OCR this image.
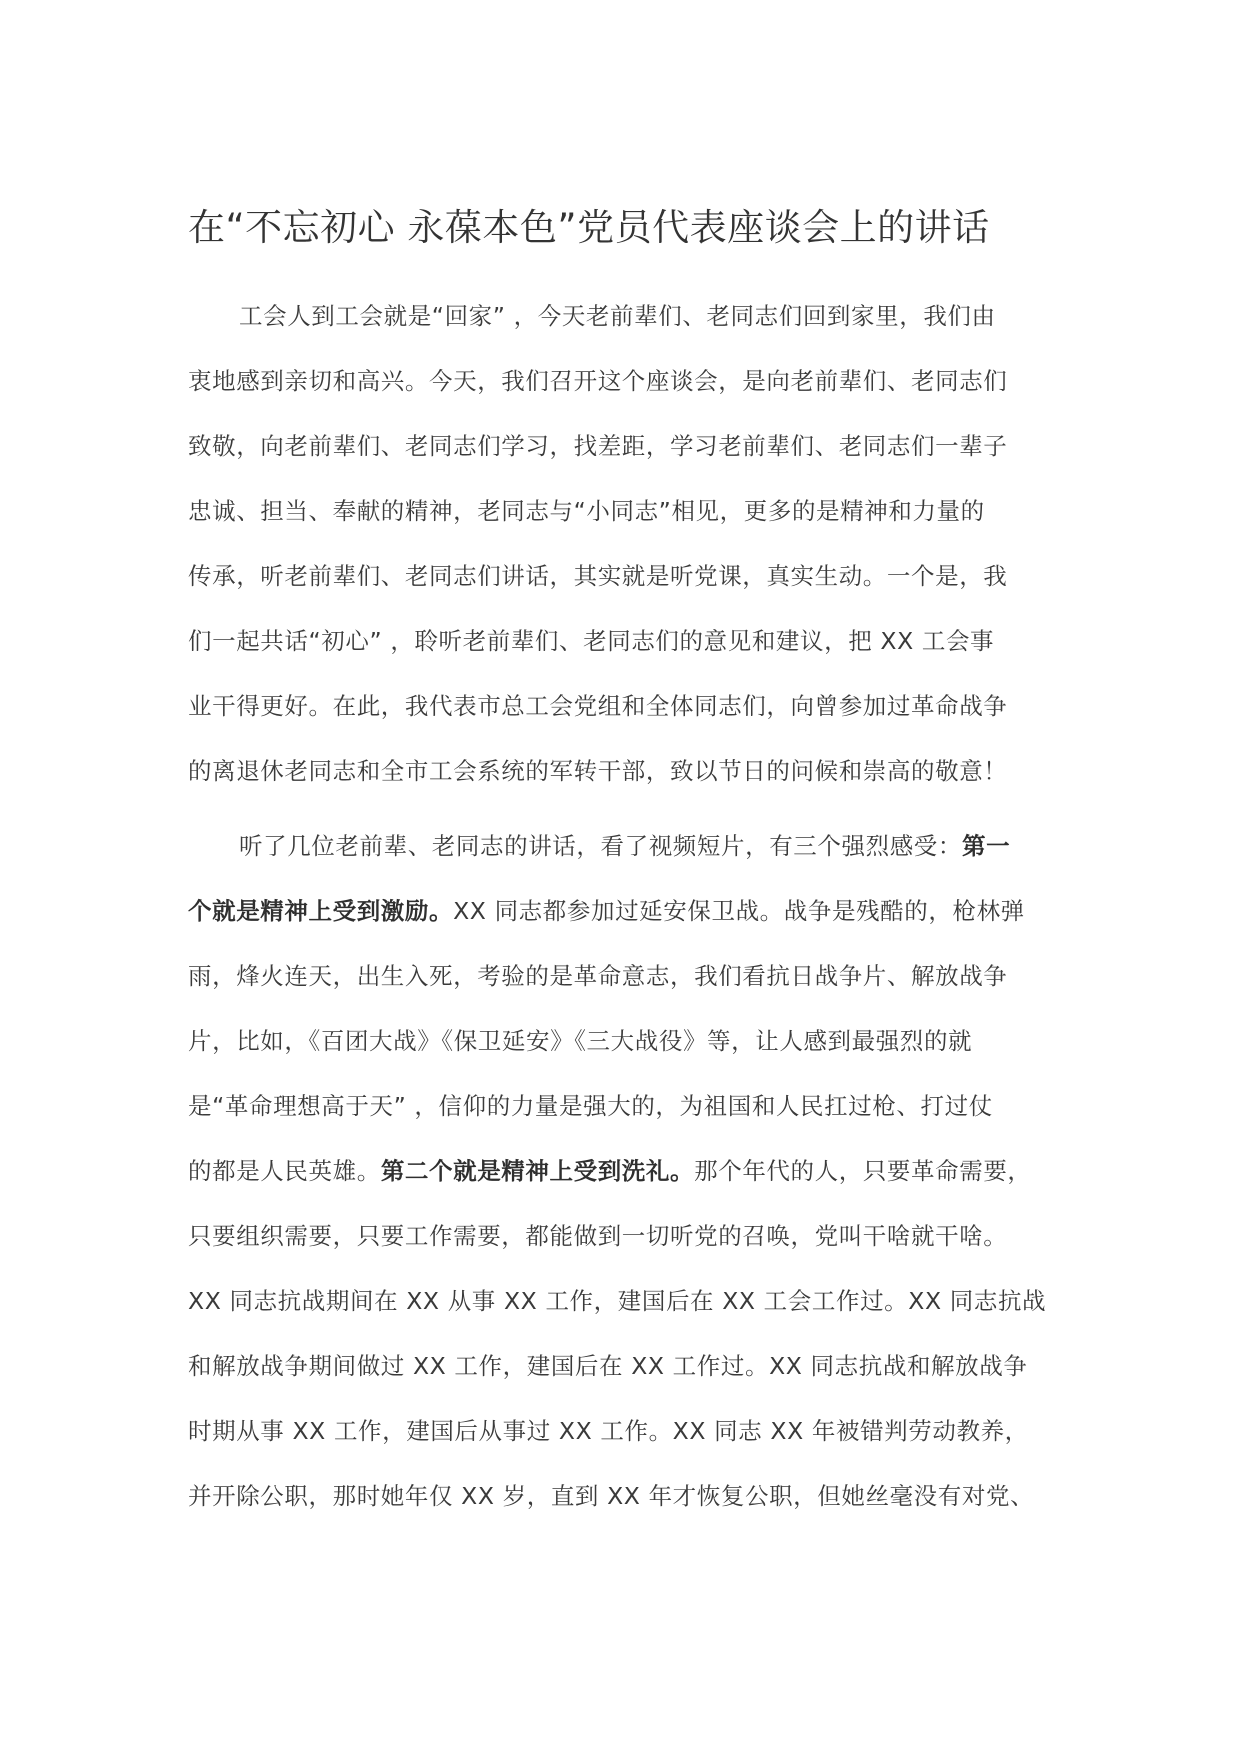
在“不忘初心 永葆本色”党员代表座谈会上的讲话
工会人到工会就是“回家” ，今天老前辈们、老同志们回到家里，我们由
衷地感到亲切和高兴。今天，我们召开这个座谈会，是向老前辈们、老同志们
致敬，向老前辈们、老同志们学习，找差距，学习老前辈们、老同志们一辈子
忠诚、担当、奉献的精神，老同志与“小同志”相见，更多的是精神和力量的
传承，听老前辈们、老同志们讲话，其实就是听党课，真实生动。一个是，我
们一起共话“初心” ，聆听老前辈们、老同志们的意见和建议，把 XX 工会事
业干得更好。在此，我代表市总工会党组和全体同志们，向曾参加过革命战争
的离退休老同志和全市工会系统的军转干部，致以节日的问候和崇高的敬意！
听了几位老前辈、老同志的讲话，看了视频短片，有三个强烈感受：第一
个就是精神上受到激励。XX 同志都参加过延安保卫战。战争是残酷的，枪林弹
雨，烽火连天，出生入死，考验的是革命意志，我们看抗日战争片、解放战争
片，比如，《百团大战》《保卫延安》《三大战役》等，让人感到最强烈的就
是“革命理想高于天” ，信仰的力量是强大的，为祖国和人民扛过枪、打过仗
的都是人民英雄。第二个就是精神上受到洗礼。那个年代的人，只要革命需要，
只要组织需要，只要工作需要，都能做到一切听党的召唤，党叫干啥就干啥。
XX 同志抗战期间在 XX 从事 XX 工作，建国后在 XX 工会工作过。XX 同志抗战
和解放战争期间做过 XX 工作，建国后在 XX 工作过。XX 同志抗战和解放战争
时期从事 XX 工作，建国后从事过 XX 工作。XX 同志 XX 年被错判劳动教养，
并开除公职，那时她年仅 XX 岁，直到 XX 年才恢复公职，但她丝毫没有对党、
